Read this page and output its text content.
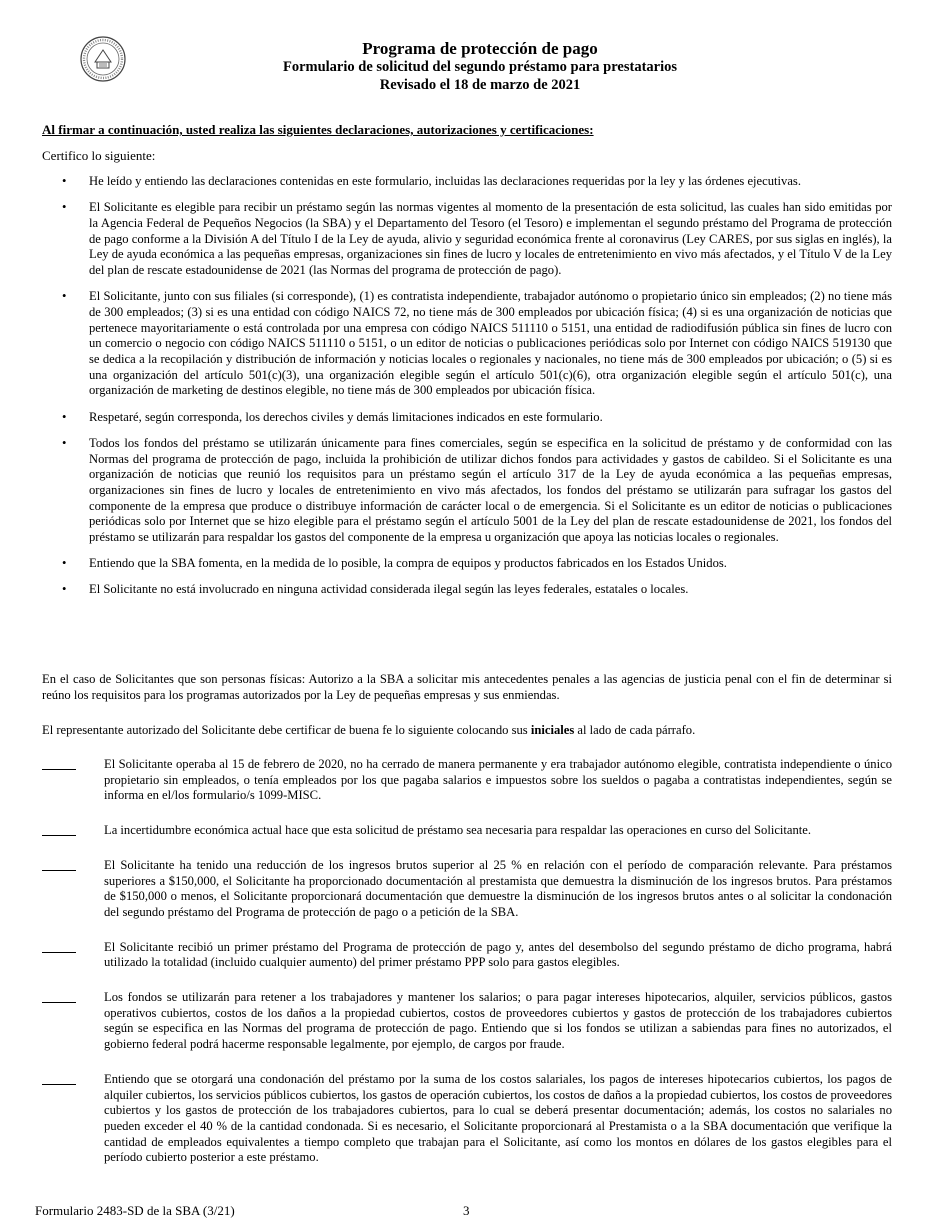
Programa de protección de pago
Formulario de solicitud del segundo préstamo para prestatarios
Revisado el 18 de marzo de 2021
Al firmar a continuación, usted realiza las siguientes declaraciones, autorizaciones y certificaciones:
Certifico lo siguiente:
• He leído y entiendo las declaraciones contenidas en este formulario, incluidas las declaraciones requeridas por la ley y las órdenes ejecutivas.
• El Solicitante es elegible para recibir un préstamo según las normas vigentes al momento de la presentación de esta solicitud, las cuales han sido emitidas por la Agencia Federal de Pequeños Negocios (la SBA) y el Departamento del Tesoro (el Tesoro) e implementan el segundo préstamo del Programa de protección de pago conforme a la División A del Título I de la Ley de ayuda, alivio y seguridad económica frente al coronavirus (Ley CARES, por sus siglas en inglés), la Ley de ayuda económica a las pequeñas empresas, organizaciones sin fines de lucro y locales de entretenimiento en vivo más afectados, y el Título V de la Ley del plan de rescate estadounidense de 2021 (las Normas del programa de protección de pago).
• El Solicitante, junto con sus filiales (si corresponde), (1) es contratista independiente, trabajador autónomo o propietario único sin empleados; (2) no tiene más de 300 empleados; (3) si es una entidad con código NAICS 72, no tiene más de 300 empleados por ubicación física; (4) si es una organización de noticias que pertenece mayoritariamente o está controlada por una empresa con código NAICS 511110 o 5151, una entidad de radiodifusión pública sin fines de lucro con un comercio o negocio con código NAICS 511110 o 5151, o un editor de noticias o publicaciones periódicas solo por Internet con código NAICS 519130 que se dedica a la recopilación y distribución de información y noticias locales o regionales y nacionales, no tiene más de 300 empleados por ubicación; o (5) si es una organización del artículo 501(c)(3), una organización elegible según el artículo 501(c)(6), otra organización elegible según el artículo 501(c), una organización de marketing de destinos elegible, no tiene más de 300 empleados por ubicación física.
• Respetaré, según corresponda, los derechos civiles y demás limitaciones indicados en este formulario.
• Todos los fondos del préstamo se utilizarán únicamente para fines comerciales, según se especifica en la solicitud de préstamo y de conformidad con las Normas del programa de protección de pago, incluida la prohibición de utilizar dichos fondos para actividades y gastos de cabildeo. Si el Solicitante es una organización de noticias que reunió los requisitos para un préstamo según el artículo 317 de la Ley de ayuda económica a las pequeñas empresas, organizaciones sin fines de lucro y locales de entretenimiento en vivo más afectados, los fondos del préstamo se utilizarán para sufragar los gastos del componente de la empresa que produce o distribuye información de carácter local o de emergencia. Si el Solicitante es un editor de noticias o publicaciones periódicas solo por Internet que se hizo elegible para el préstamo según el artículo 5001 de la Ley del plan de rescate estadounidense de 2021, los fondos del préstamo se utilizarán para respaldar los gastos del componente de la empresa u organización que apoya las noticias locales o regionales.
• Entiendo que la SBA fomenta, en la medida de lo posible, la compra de equipos y productos fabricados en los Estados Unidos.
• El Solicitante no está involucrado en ninguna actividad considerada ilegal según las leyes federales, estatales o locales.
En el caso de Solicitantes que son personas físicas: Autorizo a la SBA a solicitar mis antecedentes penales a las agencias de justicia penal con el fin de determinar si reúno los requisitos para los programas autorizados por la Ley de pequeñas empresas y sus enmiendas.
El representante autorizado del Solicitante debe certificar de buena fe lo siguiente colocando sus iniciales al lado de cada párrafo.
El Solicitante operaba al 15 de febrero de 2020, no ha cerrado de manera permanente y era trabajador autónomo elegible, contratista independiente o único propietario sin empleados, o tenía empleados por los que pagaba salarios e impuestos sobre los sueldos o pagaba a contratistas independientes, según se informa en el/los formulario/s 1099-MISC.
La incertidumbre económica actual hace que esta solicitud de préstamo sea necesaria para respaldar las operaciones en curso del Solicitante.
El Solicitante ha tenido una reducción de los ingresos brutos superior al 25 % en relación con el período de comparación relevante. Para préstamos superiores a $150,000, el Solicitante ha proporcionado documentación al prestamista que demuestra la disminución de los ingresos brutos. Para préstamos de $150,000 o menos, el Solicitante proporcionará documentación que demuestre la disminución de los ingresos brutos antes o al solicitar la condonación del segundo préstamo del Programa de protección de pago o a petición de la SBA.
El Solicitante recibió un primer préstamo del Programa de protección de pago y, antes del desembolso del segundo préstamo de dicho programa, habrá utilizado la totalidad (incluido cualquier aumento) del primer préstamo PPP solo para gastos elegibles.
Los fondos se utilizarán para retener a los trabajadores y mantener los salarios; o para pagar intereses hipotecarios, alquiler, servicios públicos, gastos operativos cubiertos, costos de los daños a la propiedad cubiertos, costos de proveedores cubiertos y gastos de protección de los trabajadores cubiertos según se especifica en las Normas del programa de protección de pago. Entiendo que si los fondos se utilizan a sabiendas para fines no autorizados, el gobierno federal podrá hacerme responsable legalmente, por ejemplo, de cargos por fraude.
Entiendo que se otorgará una condonación del préstamo por la suma de los costos salariales, los pagos de intereses hipotecarios cubiertos, los pagos de alquiler cubiertos, los servicios públicos cubiertos, los gastos de operación cubiertos, los costos de daños a la propiedad cubiertos, los costos de proveedores cubiertos y los gastos de protección de los trabajadores cubiertos, para lo cual se deberá presentar documentación; además, los costos no salariales no pueden exceder el 40 % de la cantidad condonada. Si es necesario, el Solicitante proporcionará al Prestamista o a la SBA documentación que verifique la cantidad de empleados equivalentes a tiempo completo que trabajan para el Solicitante, así como los montos en dólares de los gastos elegibles para el período cubierto posterior a este préstamo.
Formulario 2483-SD de la SBA (3/21)	3
